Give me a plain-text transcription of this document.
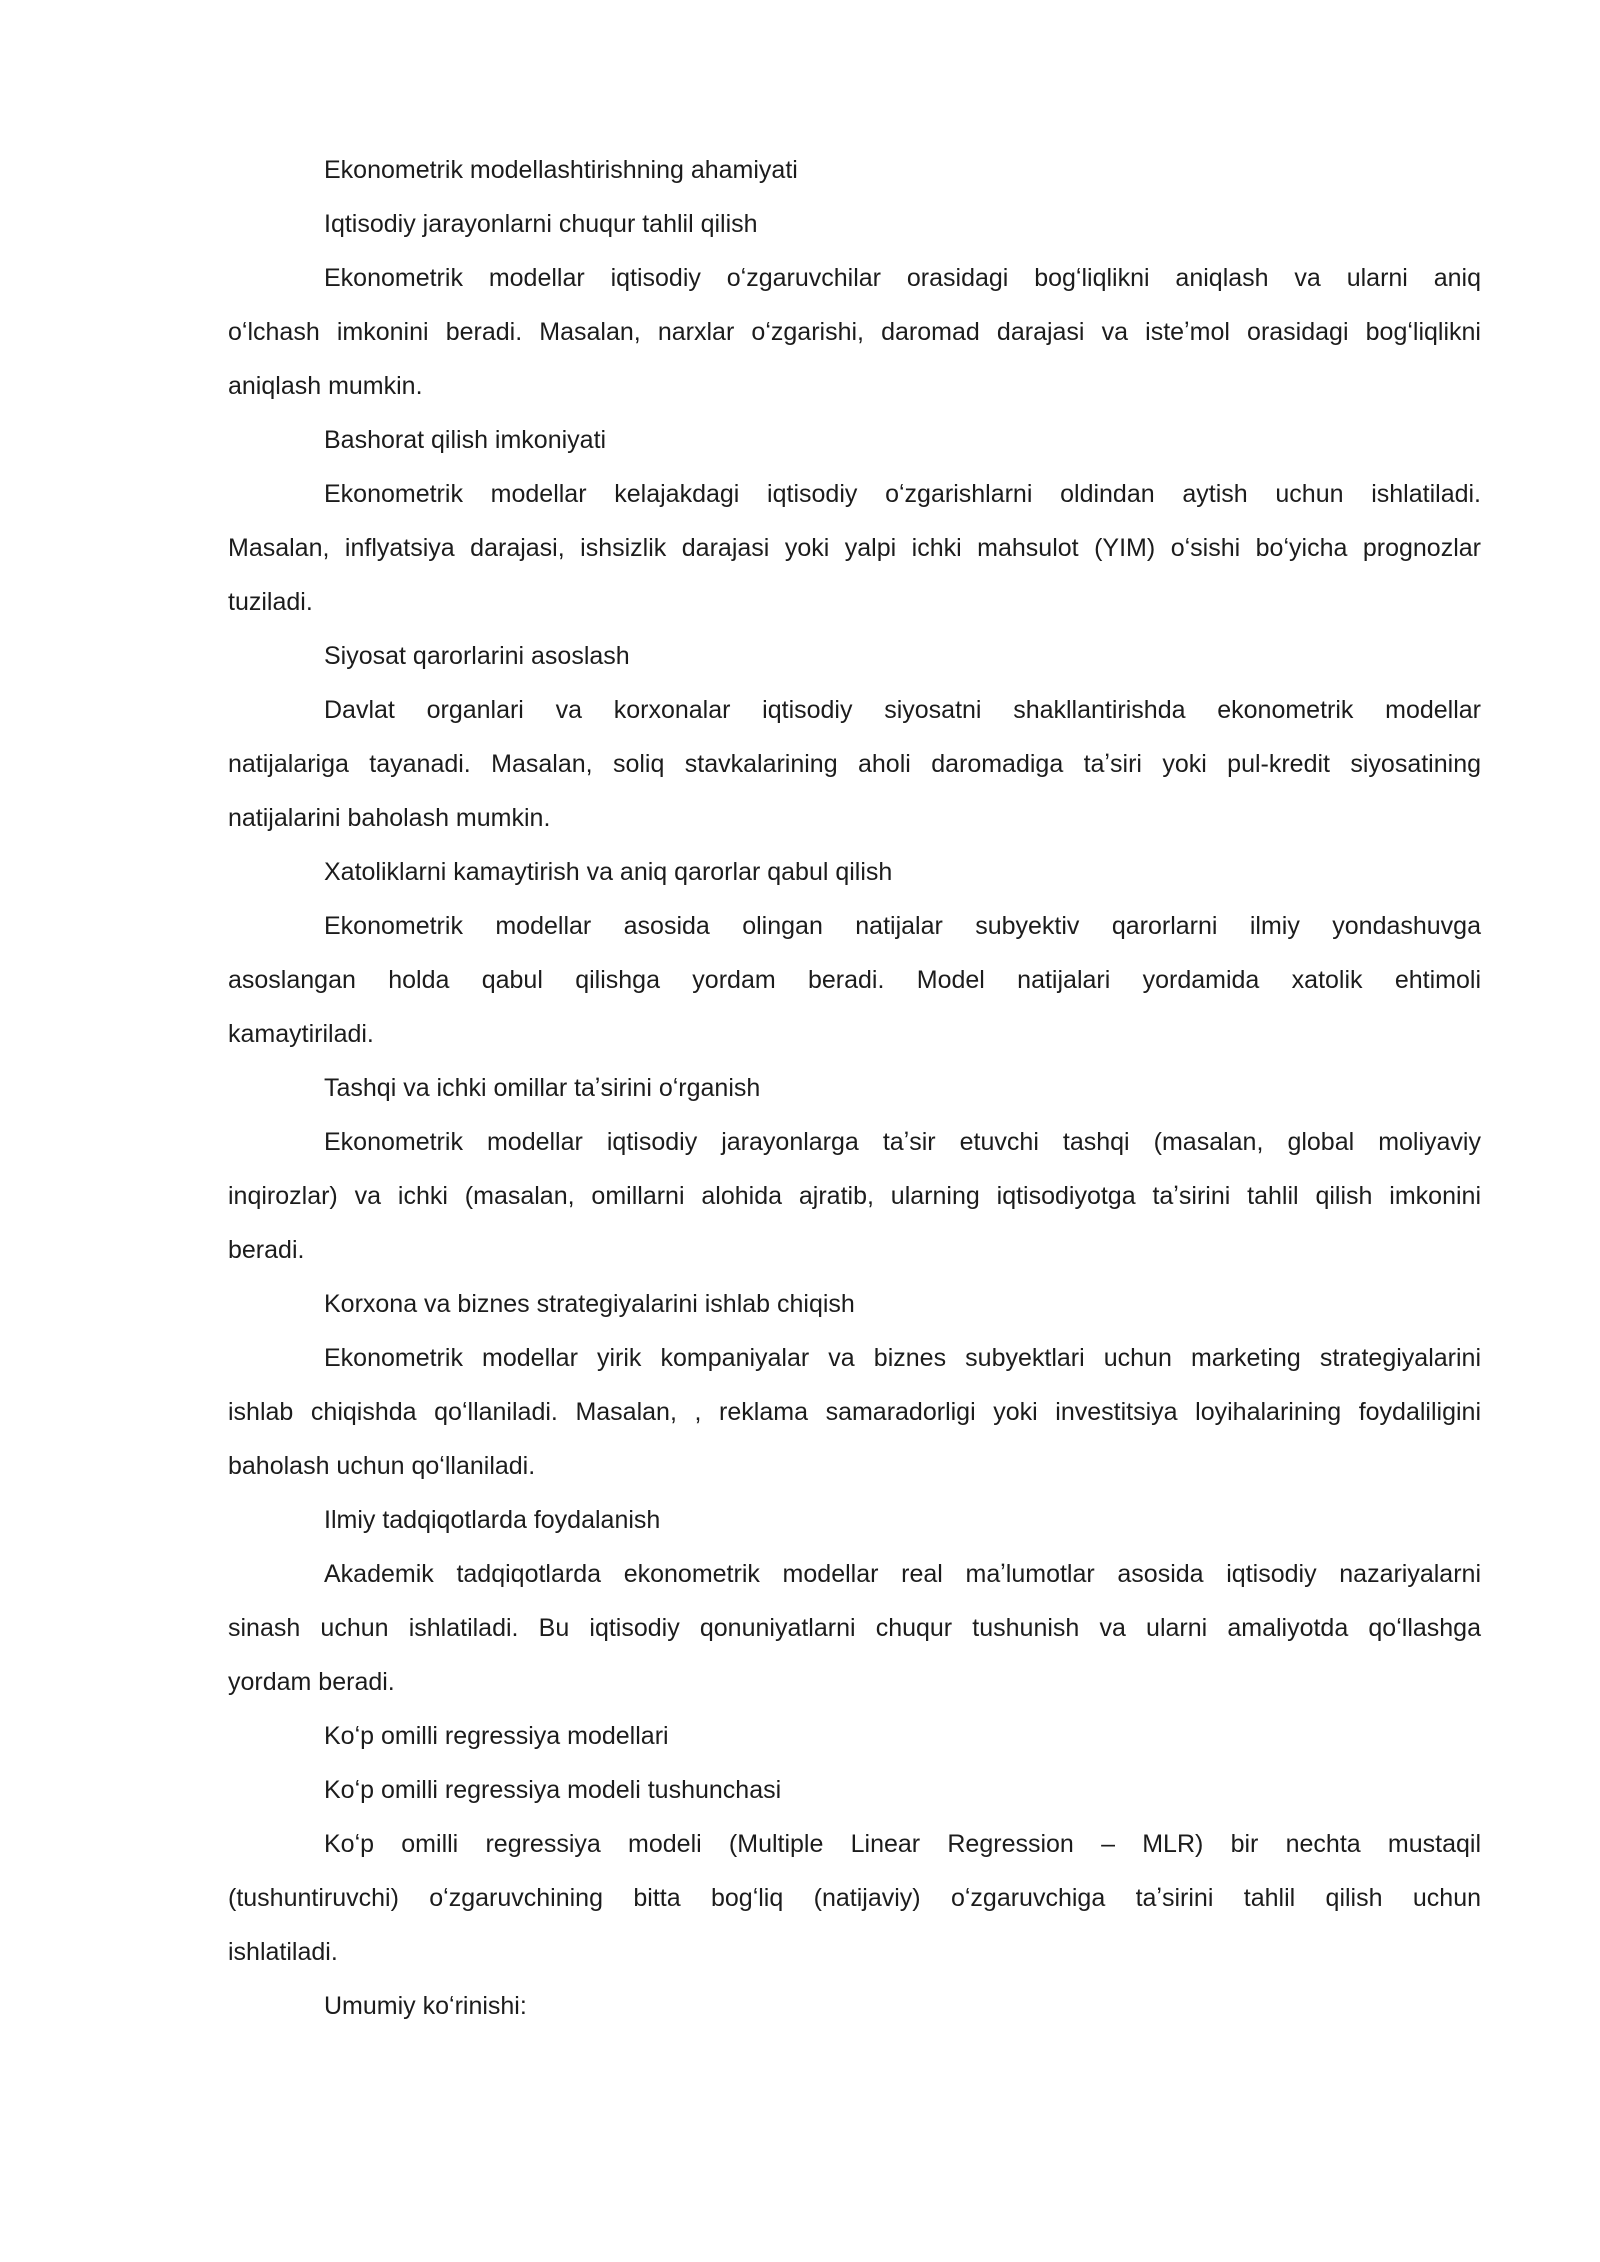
Ekonometrik modellashtirishning ahamiyati
Iqtisodiy jarayonlarni chuqur tahlil qilish
Ekonometrik modellar iqtisodiy oʻzgaruvchilar orasidagi bogʻliqlikni aniqlash va ularni aniq
oʻlchash imkonini beradi. Masalan, narxlar oʻzgarishi, daromad darajasi va isteʼmol orasidagi bogʻliqlikni
aniqlash mumkin.
Bashorat qilish imkoniyati
Ekonometrik modellar kelajakdagi iqtisodiy oʻzgarishlarni oldindan aytish uchun ishlatiladi.
Masalan, inflyatsiya darajasi, ishsizlik darajasi yoki yalpi ichki mahsulot (YIM) oʻsishi boʻyicha prognozlar
tuziladi.
Siyosat qarorlarini asoslash
Davlat organlari va korxonalar iqtisodiy siyosatni shakllantirishda ekonometrik modellar
natijalariga tayanadi. Masalan, soliq stavkalarining aholi daromadiga taʼsiri yoki pul-kredit siyosatining
natijalarini baholash mumkin.
Xatoliklarni kamaytirish va aniq qarorlar qabul qilish
Ekonometrik modellar asosida olingan natijalar subyektiv qarorlarni ilmiy yondashuvga
asoslangan holda qabul qilishga yordam beradi. Model natijalari yordamida xatolik ehtimoli
kamaytiriladi.
Tashqi va ichki omillar taʼsirini oʻrganish
Ekonometrik modellar iqtisodiy jarayonlarga taʼsir etuvchi tashqi (masalan, global moliyaviy
inqirozlar) va ichki (masalan, omillarni alohida ajratib, ularning iqtisodiyotga taʼsirini tahlil qilish imkonini
beradi.
Korxona va biznes strategiyalarini ishlab chiqish
Ekonometrik modellar yirik kompaniyalar va biznes subyektlari uchun marketing strategiyalarini
ishlab chiqishda qoʻllaniladi. Masalan, , reklama samaradorligi yoki investitsiya loyihalarining foydaliligini
baholash uchun qoʻllaniladi.
Ilmiy tadqiqotlarda foydalanish
Akademik tadqiqotlarda ekonometrik modellar real maʼlumotlar asosida iqtisodiy nazariyalarni
sinash uchun ishlatiladi. Bu iqtisodiy qonuniyatlarni chuqur tushunish va ularni amaliyotda qoʻllashga
yordam beradi.
Koʻp omilli regressiya modellari
Koʻp omilli regressiya modeli tushunchasi
Koʻp omilli regressiya modeli (Multiple Linear Regression – MLR) bir nechta mustaqil
(tushuntiruvchi) oʻzgaruvchining bitta bogʻliq (natijaviy) oʻzgaruvchiga taʼsirini tahlil qilish uchun
ishlatiladi.
Umumiy koʻrinishi:
